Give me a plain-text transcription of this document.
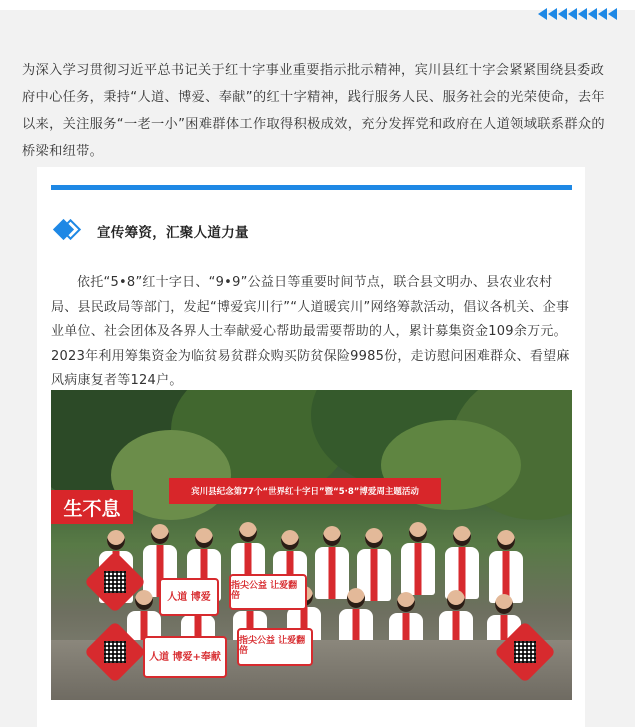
为深入学习贯彻习近平总书记关于红十字事业重要指示批示精神，宾川县红十字会紧紧围绕县委政府中心任务，秉持“人道、博爱、奉献”的红十字精神，践行服务人民、服务社会的光荣使命，去年以来，关注服务“一老一小”困难群体工作取得积极成效，充分发挥党和政府在人道领域联系群众的桥梁和纽带。

宣传筹资，汇聚人道力量

依托“5•8”红十字日、“9•9”公益日等重要时间节点，联合县文明办、县农业农村局、县民政局等部门，发起“博爱宾川行”“人道暖宾川”网络筹款活动，倡议各机关、企事业单位、社会团体及各界人士奉献爱心帮助最需要帮助的人，累计募集资金109余万元。2023年利用筹集资金为临贫易贫群众购买防贫保险9985份，走访慰问困难群众、看望麻风病康复者等124户。

生不息
宾川县纪念第77个“世界红十字日”暨“5·8”博爱周主题活动
人道 博爱
指尖公益 让爱翻倍
指尖公益 让爱翻倍
人道 博爱+奉献
